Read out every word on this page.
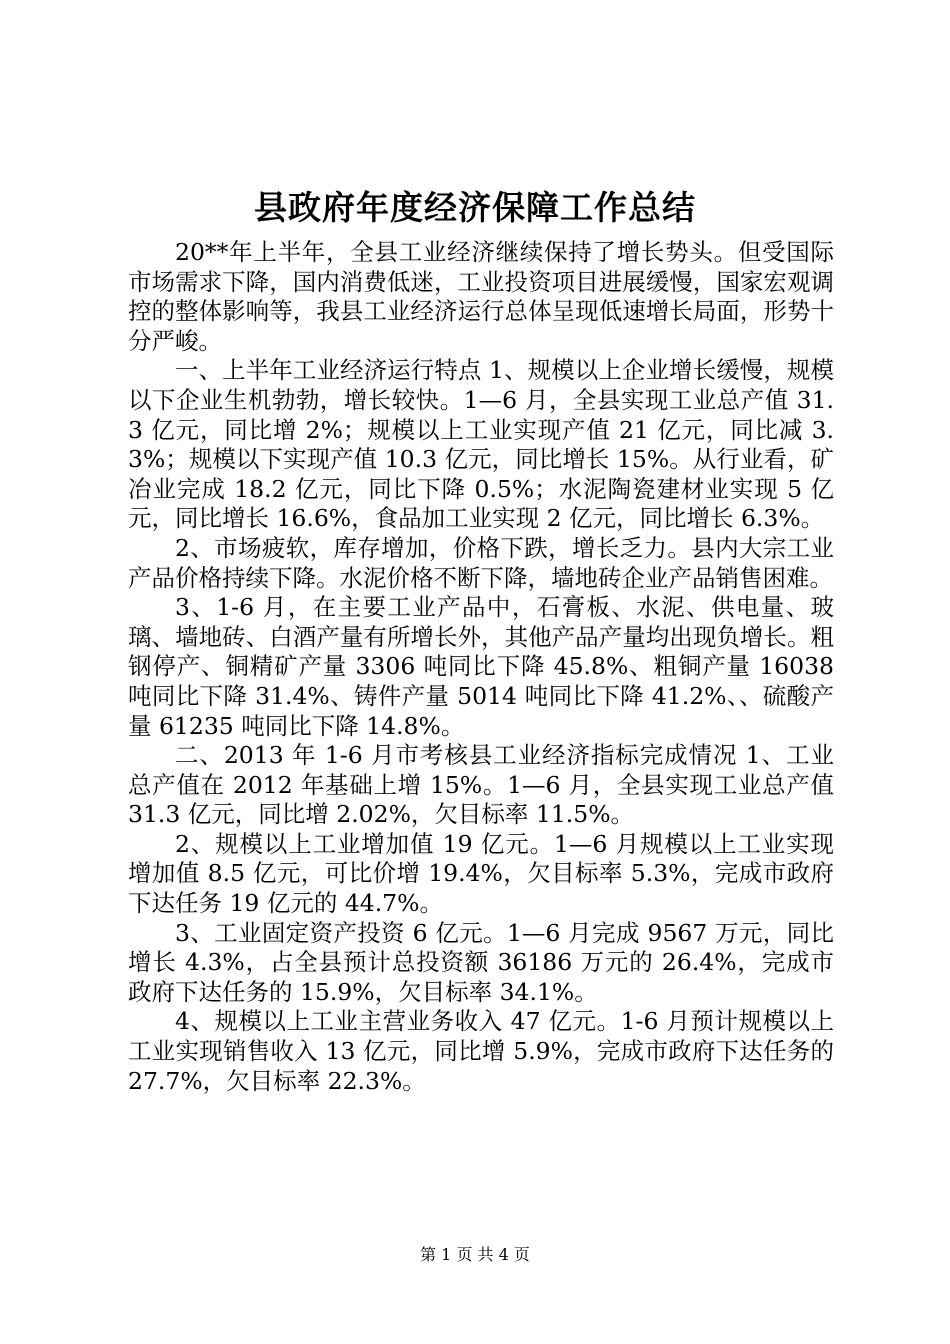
县政府年度经济保障工作总结

20**年上半年，全县工业经济继续保持了增长势头。但受国际市场需求下降，国内消费低迷，工业投资项目进展缓慢，国家宏观调控的整体影响等，我县工业经济运行总体呈现低速增长局面，形势十分严峻。

一、上半年工业经济运行特点 1、规模以上企业增长缓慢，规模以下企业生机勃勃，增长较快。1—6 月，全县实现工业总产值 31.3 亿元，同比增 2%；规模以上工业实现产值 21 亿元，同比减 3.3%；规模以下实现产值 10.3 亿元，同比增长 15%。从行业看，矿冶业完成 18.2 亿元，同比下降 0.5%；水泥陶瓷建材业实现 5 亿元，同比增长 16.6%，食品加工业实现 2 亿元，同比增长 6.3%。

2、市场疲软，库存增加，价格下跌，增长乏力。县内大宗工业产品价格持续下降。水泥价格不断下降，墙地砖企业产品销售困难。

3、1-6 月，在主要工业产品中，石膏板、水泥、供电量、玻璃、墙地砖、白酒产量有所增长外，其他产品产量均出现负增长。粗钢停产、铜精矿产量 3306 吨同比下降 45.8%、粗铜产量 16038 吨同比下降 31.4%、铸件产量 5014 吨同比下降 41.2%、、硫酸产量 61235 吨同比下降 14.8%。

二、2013 年 1-6 月市考核县工业经济指标完成情况 1、工业总产值在 2012 年基础上增 15%。1—6 月，全县实现工业总产值 31.3 亿元，同比增 2.02%，欠目标率 11.5%。

2、规模以上工业增加值 19 亿元。1—6 月规模以上工业实现增加值 8.5 亿元，可比价增 19.4%，欠目标率 5.3%，完成市政府下达任务 19 亿元的 44.7%。

3、工业固定资产投资 6 亿元。1—6 月完成 9567 万元，同比增长 4.3%，占全县预计总投资额 36186 万元的 26.4%，完成市政府下达任务的 15.9%，欠目标率 34.1%。

4、规模以上工业主营业务收入 47 亿元。1-6 月预计规模以上工业实现销售收入 13 亿元，同比增 5.9%，完成市政府下达任务的 27.7%，欠目标率 22.3%。

第 1 页 共 4 页
